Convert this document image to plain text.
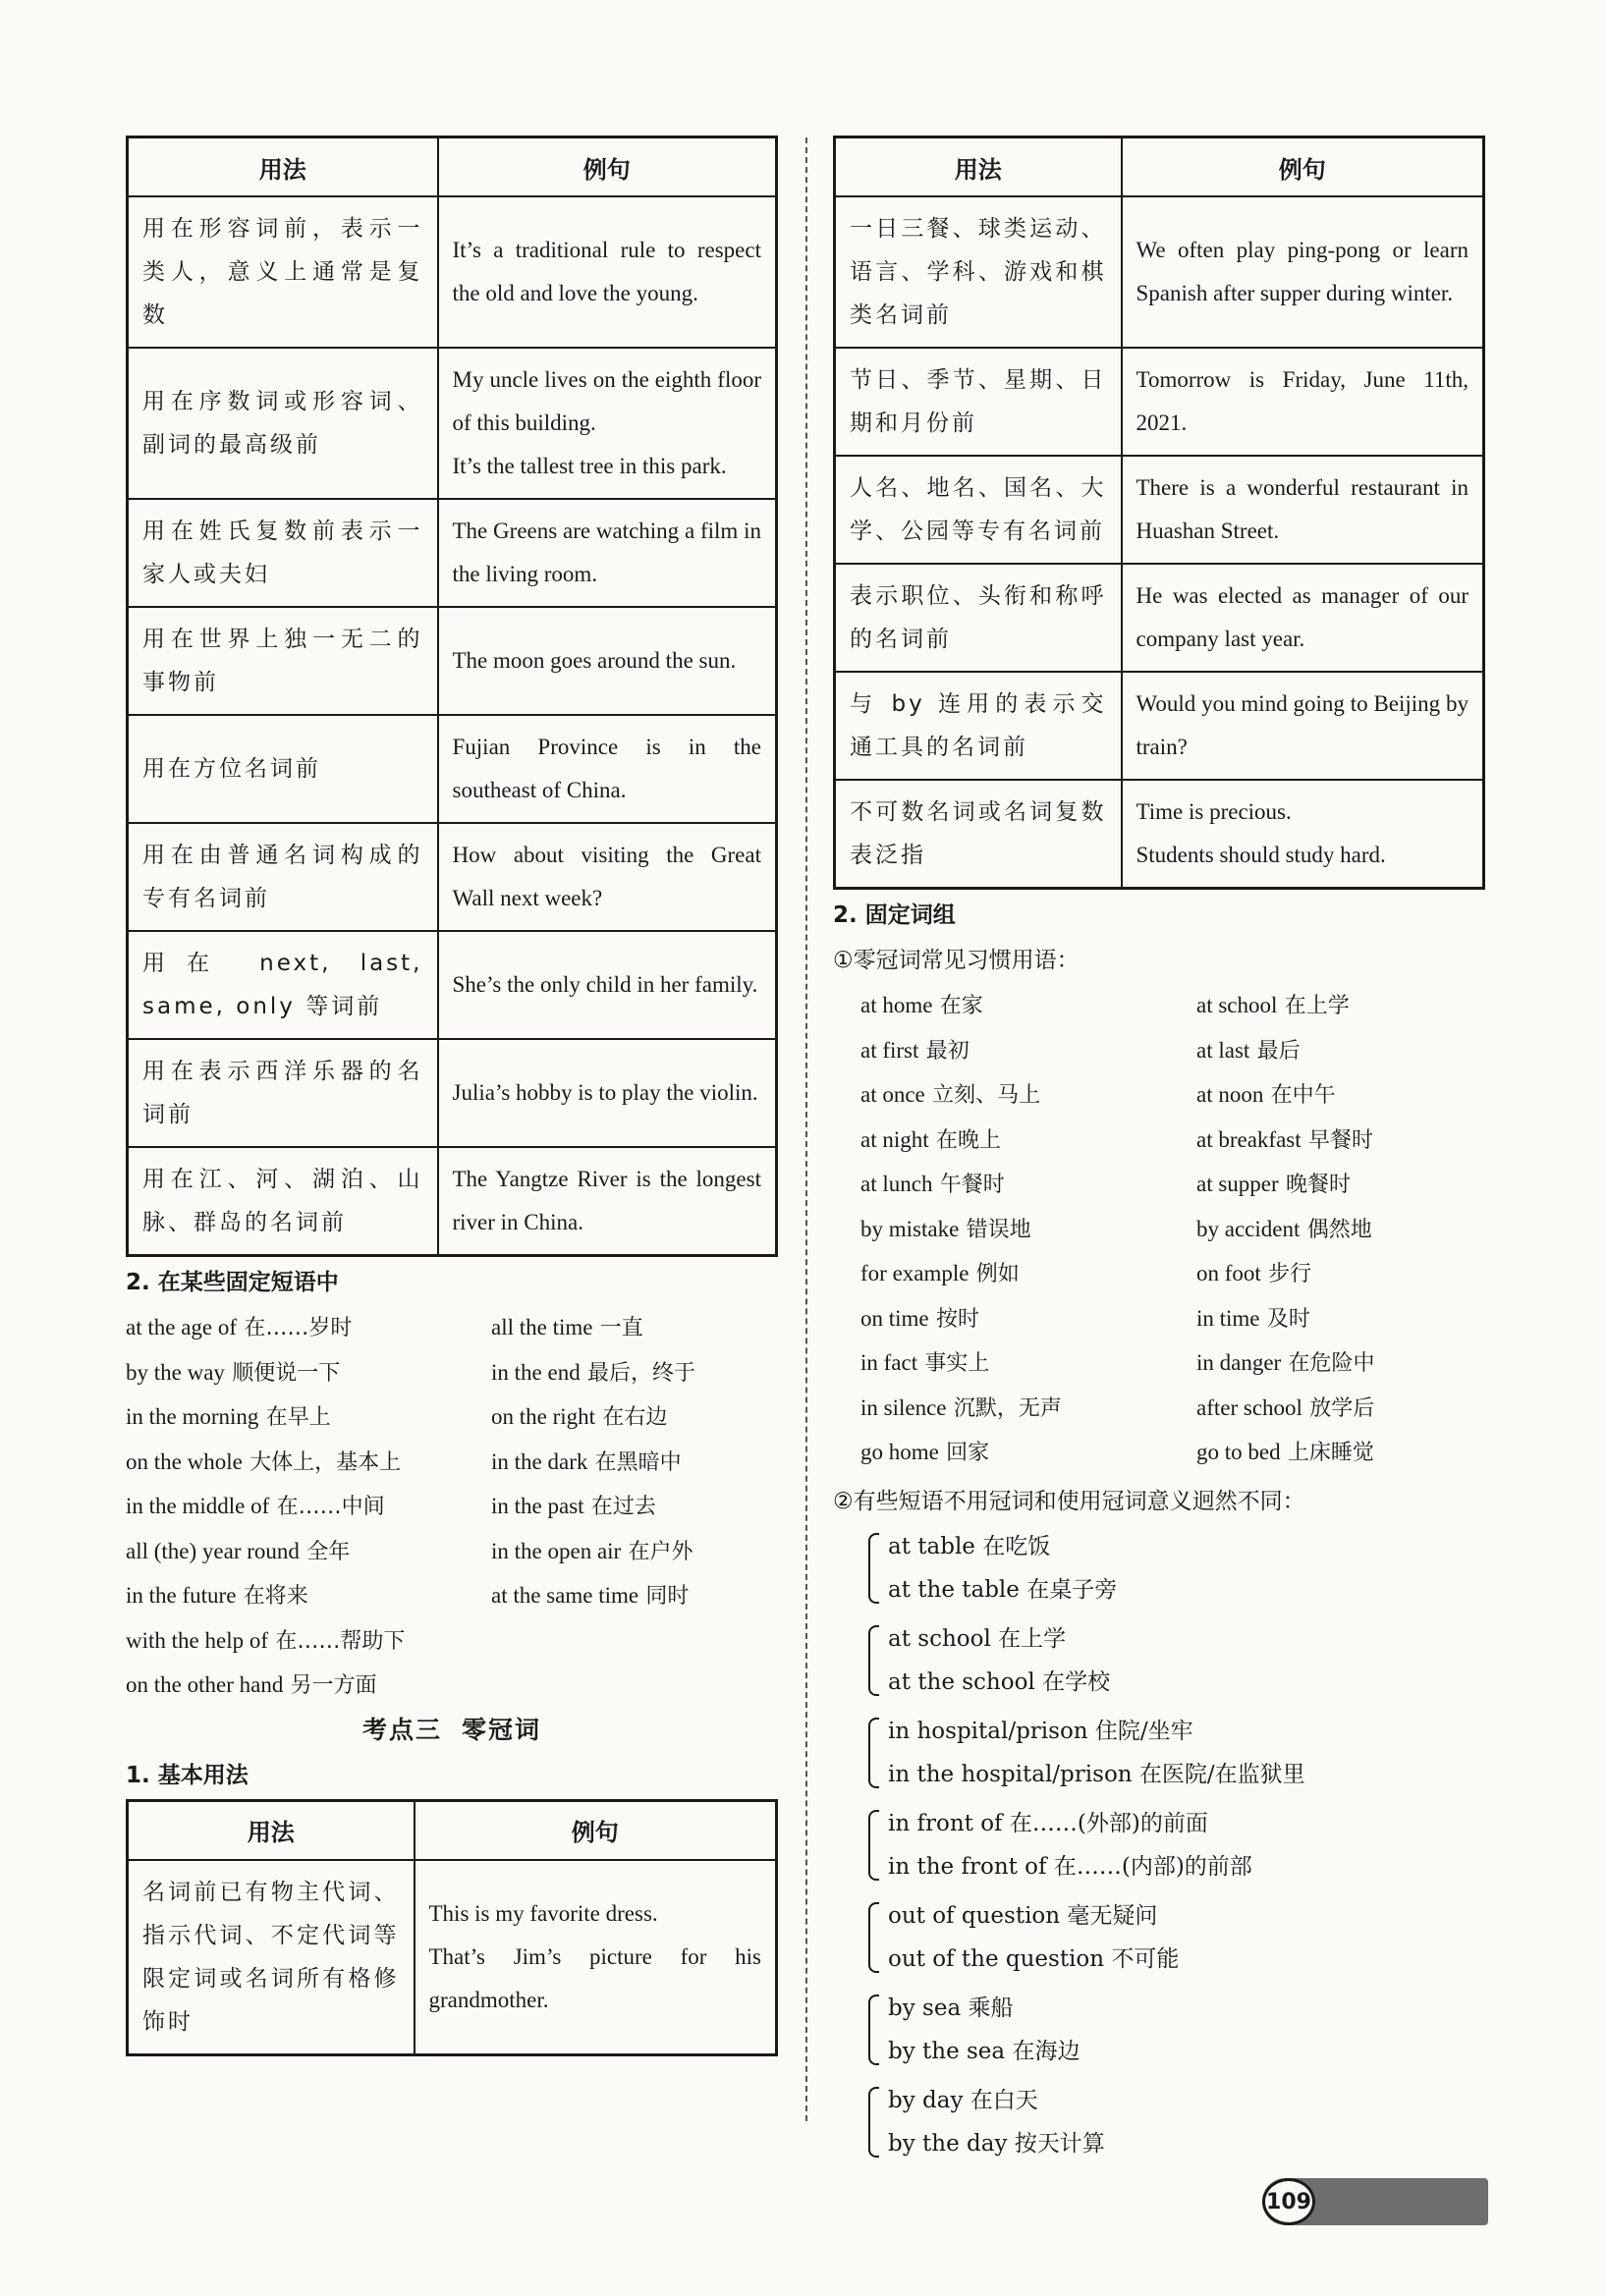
用法	例句
用在形容词前，表示一类人，意义上通常是复数	It’s a traditional rule to respect the old and love the young.
用在序数词或形容词、副词的最高级前	My uncle lives on the eighth floor of this building.
It’s the tallest tree in this park.

用在姓氏复数前表示一家人或夫妇	The Greens are watching a film in the living room.
用在世界上独一无二的事物前	The moon goes around the sun.
用在方位名词前	Fujian Province is in the southeast of China.
用在由普通名词构成的专有名词前	How about visiting the Great Wall next week?
用在 next, last, same, only 等词前	She’s the only child in her family.
用在表示西洋乐器的名词前	Julia’s hobby is to play the violin.
用在江、河、湖泊、山脉、群岛的名词前	The Yangtze River is the longest river in China.
2. 在某些固定短语中
at the age of 在……岁时	all the time 一直
by the way 顺便说一下	in the end 最后，终于
in the morning 在早上	on the right 在右边
on the whole 大体上，基本上	in the dark 在黑暗中
in the middle of 在……中间	in the past 在过去
all (the) year round 全年	in the open air 在户外
in the future 在将来	at the same time 同时
with the help of 在……帮助下
on the other hand 另一方面
考点三 零冠词
1. 基本用法
用法	例句
名词前已有物主代词、指示代词、不定代词等限定词或名词所有格修饰时	This is my favorite dress.
That’s Jim’s picture for his grandmother.
用法	例句
一日三餐、球类运动、语言、学科、游戏和棋类名词前	We often play ping-pong or learn Spanish after supper during winter.
节日、季节、星期、日期和月份前	Tomorrow is Friday, June 11th, 2021.
人名、地名、国名、大学、公园等专有名词前	There is a wonderful restaurant in Huashan Street.
表示职位、头衔和称呼的名词前	He was elected as manager of our company last year.
与 by 连用的表示交通工具的名词前	Would you mind going to Beijing by train?
不可数名词或名词复数表泛指	Time is precious.
Students should study hard.
2. 固定词组
①零冠词常见习惯用语：
at home 在家	at school 在上学
at first 最初	at last 最后
at once 立刻、马上	at noon 在中午
at night 在晚上	at breakfast 早餐时
at lunch 午餐时	at supper 晚餐时
by mistake 错误地	by accident 偶然地
for example 例如	on foot 步行
on time 按时	in time 及时
in fact 事实上	in danger 在危险中
in silence 沉默，无声	after school 放学后
go home 回家	go to bed 上床睡觉
②有些短语不用冠词和使用冠词意义迥然不同：
at table 在吃饭
at the table 在桌子旁
at school 在上学
at the school 在学校
in hospital/prison 住院/坐牢
in the hospital/prison 在医院/在监狱里
in front of 在……(外部)的前面
in the front of 在……(内部)的前部
out of question 毫无疑问
out of the question 不可能
by sea 乘船
by the sea 在海边
by day 在白天
by the day 按天计算
109
